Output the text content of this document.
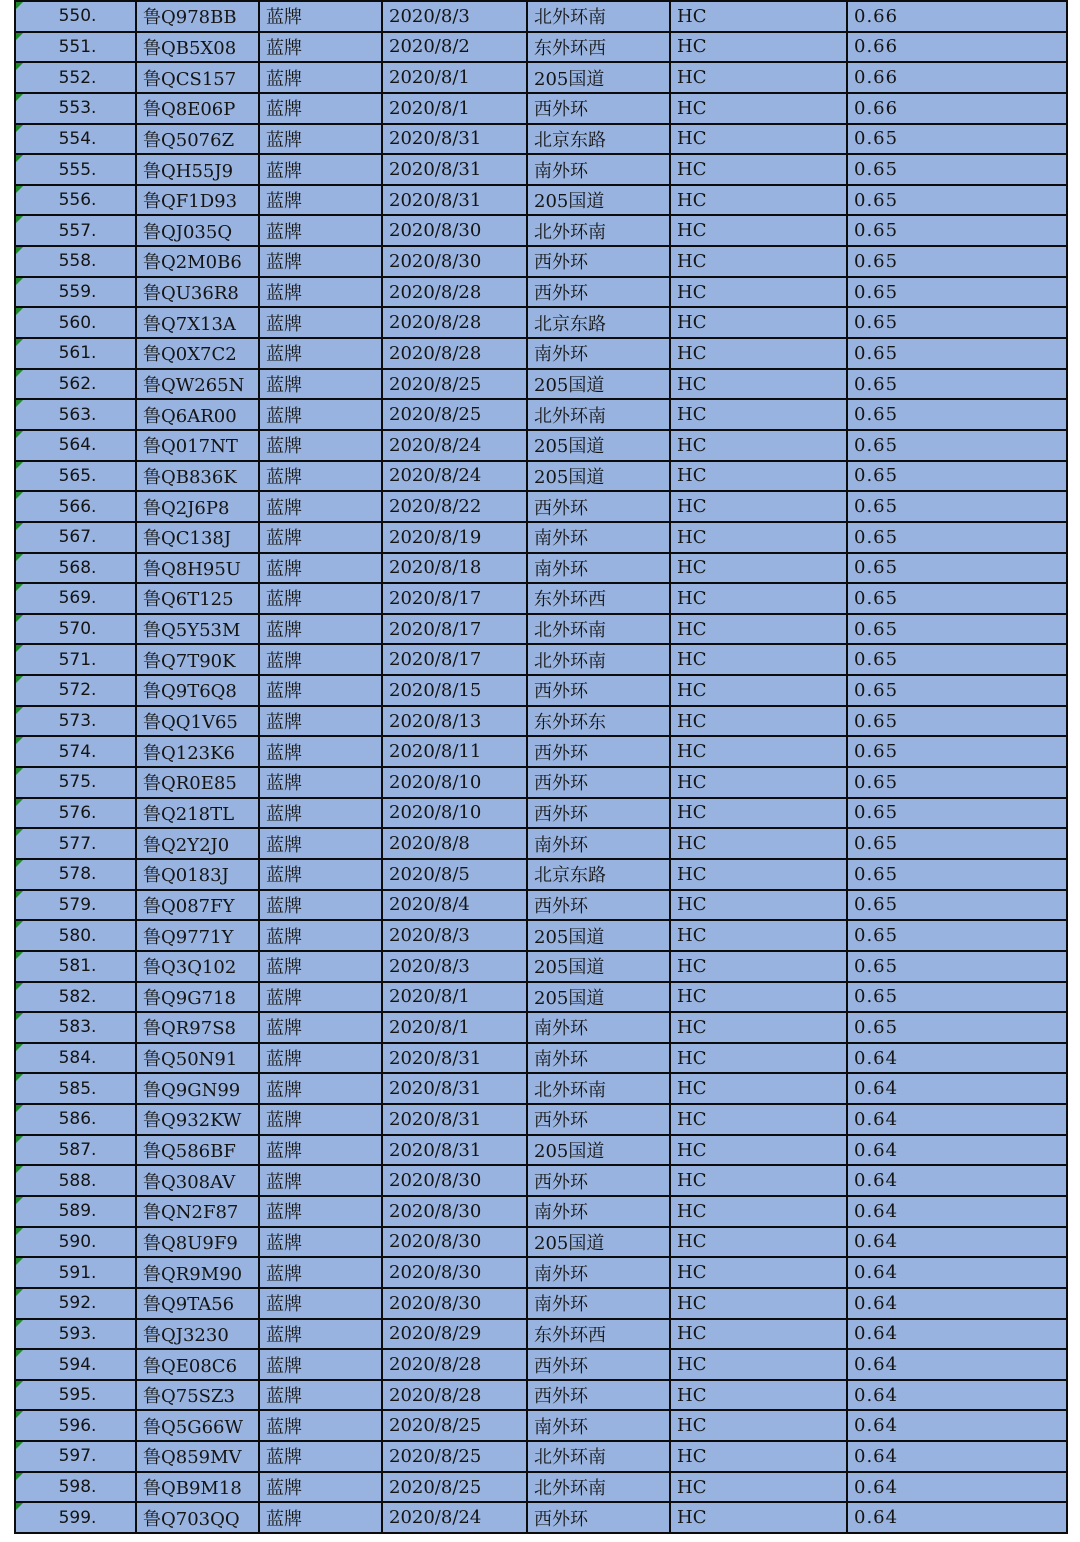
550.	鲁Q978BB	蓝牌	2020/8/3	北外环南	HC	0.66

551.	鲁QB5X08	蓝牌	2020/8/2	东外环西	HC	0.66

552.	鲁QCS157	蓝牌	2020/8/1	205国道	HC	0.66

553.	鲁Q8E06P	蓝牌	2020/8/1	西外环	HC	0.66

554.	鲁Q5076Z	蓝牌	2020/8/31	北京东路	HC	0.65

555.	鲁QH55J9	蓝牌	2020/8/31	南外环	HC	0.65

556.	鲁QF1D93	蓝牌	2020/8/31	205国道	HC	0.65

557.	鲁QJ035Q	蓝牌	2020/8/30	北外环南	HC	0.65

558.	鲁Q2M0B6	蓝牌	2020/8/30	西外环	HC	0.65

559.	鲁QU36R8	蓝牌	2020/8/28	西外环	HC	0.65

560.	鲁Q7X13A	蓝牌	2020/8/28	北京东路	HC	0.65

561.	鲁Q0X7C2	蓝牌	2020/8/28	南外环	HC	0.65

562.	鲁QW265N	蓝牌	2020/8/25	205国道	HC	0.65

563.	鲁Q6AR00	蓝牌	2020/8/25	北外环南	HC	0.65

564.	鲁Q017NT	蓝牌	2020/8/24	205国道	HC	0.65

565.	鲁QB836K	蓝牌	2020/8/24	205国道	HC	0.65

566.	鲁Q2J6P8	蓝牌	2020/8/22	西外环	HC	0.65

567.	鲁QC138J	蓝牌	2020/8/19	南外环	HC	0.65

568.	鲁Q8H95U	蓝牌	2020/8/18	南外环	HC	0.65

569.	鲁Q6T125	蓝牌	2020/8/17	东外环西	HC	0.65

570.	鲁Q5Y53M	蓝牌	2020/8/17	北外环南	HC	0.65

571.	鲁Q7T90K	蓝牌	2020/8/17	北外环南	HC	0.65

572.	鲁Q9T6Q8	蓝牌	2020/8/15	西外环	HC	0.65

573.	鲁QQ1V65	蓝牌	2020/8/13	东外环东	HC	0.65

574.	鲁Q123K6	蓝牌	2020/8/11	西外环	HC	0.65

575.	鲁QR0E85	蓝牌	2020/8/10	西外环	HC	0.65

576.	鲁Q218TL	蓝牌	2020/8/10	西外环	HC	0.65

577.	鲁Q2Y2J0	蓝牌	2020/8/8	南外环	HC	0.65

578.	鲁Q0183J	蓝牌	2020/8/5	北京东路	HC	0.65

579.	鲁Q087FY	蓝牌	2020/8/4	西外环	HC	0.65

580.	鲁Q9771Y	蓝牌	2020/8/3	205国道	HC	0.65

581.	鲁Q3Q102	蓝牌	2020/8/3	205国道	HC	0.65

582.	鲁Q9G718	蓝牌	2020/8/1	205国道	HC	0.65

583.	鲁QR97S8	蓝牌	2020/8/1	南外环	HC	0.65

584.	鲁Q50N91	蓝牌	2020/8/31	南外环	HC	0.64

585.	鲁Q9GN99	蓝牌	2020/8/31	北外环南	HC	0.64

586.	鲁Q932KW	蓝牌	2020/8/31	西外环	HC	0.64

587.	鲁Q586BF	蓝牌	2020/8/31	205国道	HC	0.64

588.	鲁Q308AV	蓝牌	2020/8/30	西外环	HC	0.64

589.	鲁QN2F87	蓝牌	2020/8/30	南外环	HC	0.64

590.	鲁Q8U9F9	蓝牌	2020/8/30	205国道	HC	0.64

591.	鲁QR9M90	蓝牌	2020/8/30	南外环	HC	0.64

592.	鲁Q9TA56	蓝牌	2020/8/30	南外环	HC	0.64

593.	鲁QJ3230	蓝牌	2020/8/29	东外环西	HC	0.64

594.	鲁QE08C6	蓝牌	2020/8/28	西外环	HC	0.64

595.	鲁Q75SZ3	蓝牌	2020/8/28	西外环	HC	0.64

596.	鲁Q5G66W	蓝牌	2020/8/25	南外环	HC	0.64

597.	鲁Q859MV	蓝牌	2020/8/25	北外环南	HC	0.64

598.	鲁QB9M18	蓝牌	2020/8/25	北外环南	HC	0.64

599.	鲁Q703QQ	蓝牌	2020/8/24	西外环	HC	0.64
